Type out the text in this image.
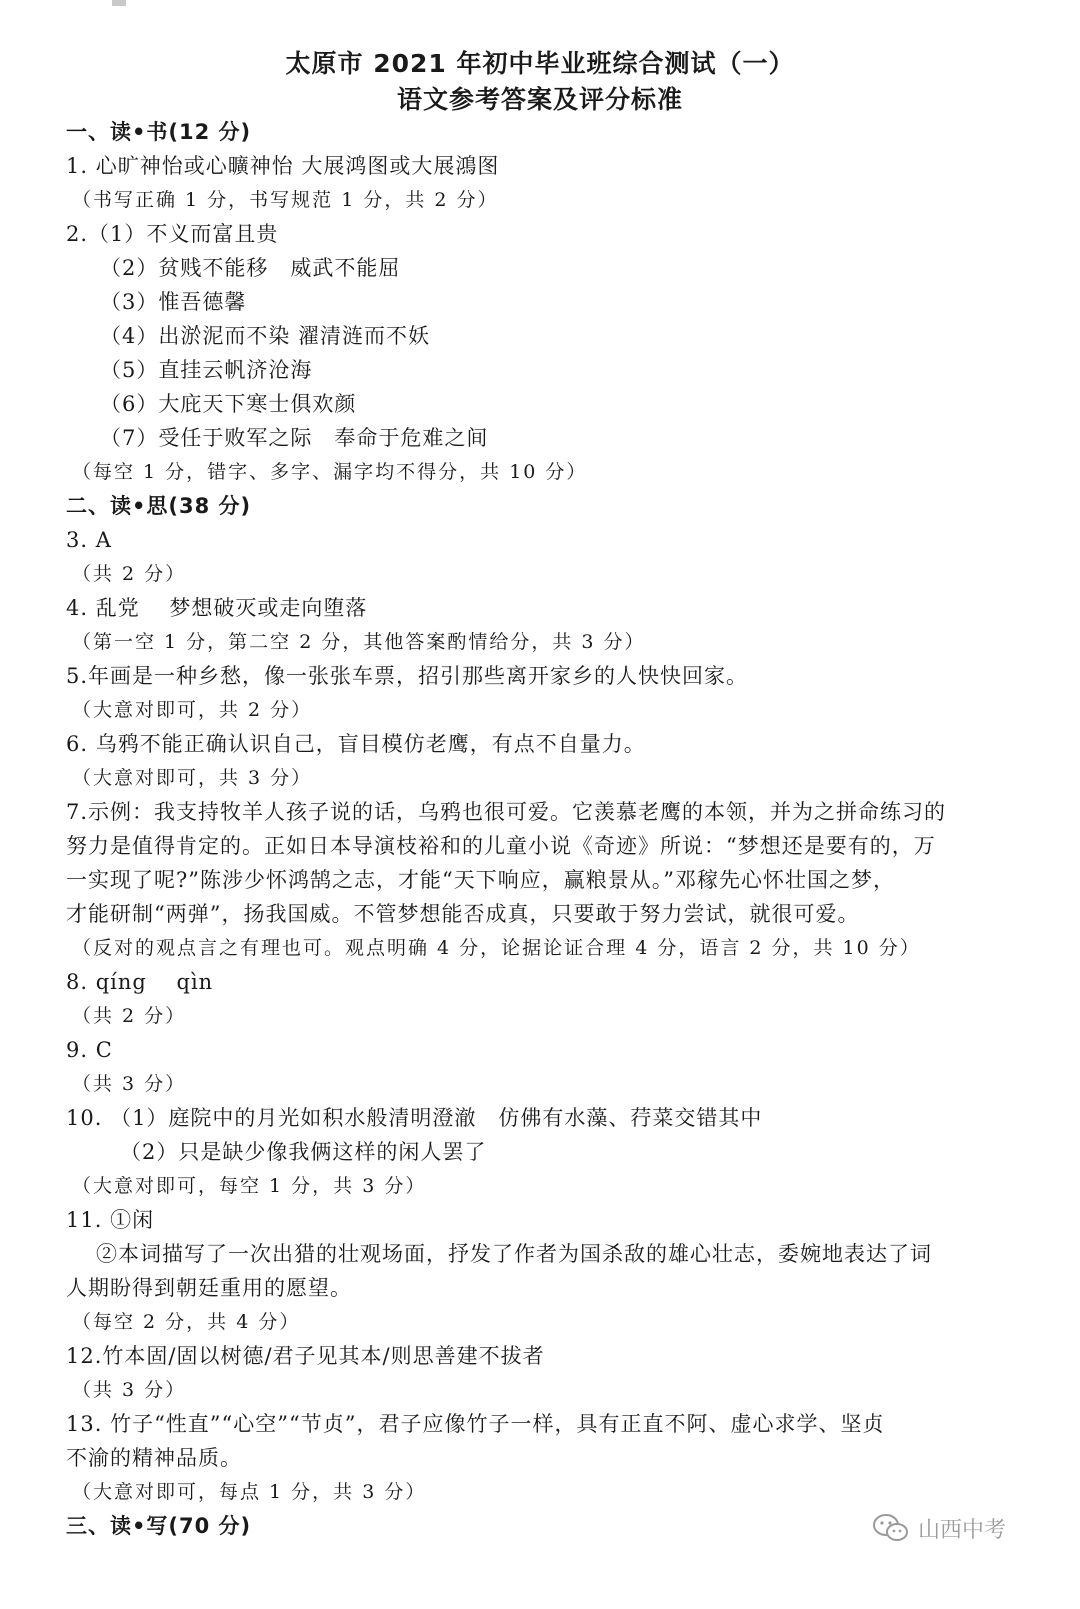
太原市 2021 年初中毕业班综合测试（一）
语文参考答案及评分标准
一、读•书(12 分)
1. 心旷神怡或心曠神怡 大展鸿图或大展鴻图
（书写正确 1 分，书写规范 1 分，共 2 分）
2.（1）不义而富且贵
（2）贫贱不能移　威武不能屈
（3）惟吾德馨
（4）出淤泥而不染 濯清涟而不妖
（5）直挂云帆济沧海
（6）大庇天下寒士俱欢颜
（7）受任于败军之际　奉命于危难之间
（每空 1 分，错字、多字、漏字均不得分，共 10 分）
二、读•思(38 分)
3. A
（共 2 分）
4. 乱党　 梦想破灭或走向堕落
（第一空 1 分，第二空 2 分，其他答案酌情给分，共 3 分）
5.年画是一种乡愁，像一张张车票，招引那些离开家乡的人快快回家。
（大意对即可，共 2 分）
6. 乌鸦不能正确认识自己，盲目模仿老鹰，有点不自量力。
（大意对即可，共 3 分）
7.示例：我支持牧羊人孩子说的话，乌鸦也很可爱。它羡慕老鹰的本领，并为之拼命练习的
努力是值得肯定的。正如日本导演枝裕和的儿童小说《奇迹》所说：“梦想还是要有的，万
一实现了呢?”陈涉少怀鸿鹄之志，才能“天下响应，赢粮景从。”邓稼先心怀壮国之梦，
才能研制“两弹”，扬我国威。不管梦想能否成真，只要敢于努力尝试，就很可爱。
（反对的观点言之有理也可。观点明确 4 分，论据论证合理 4 分，语言 2 分，共 10 分）
8. qíng　 qìn
（共 2 分）
9. C
（共 3 分）
10. （1）庭院中的月光如积水般清明澄澈　仿佛有水藻、荇菜交错其中
（2）只是缺少像我俩这样的闲人罢了
（大意对即可，每空 1 分，共 3 分）
11. ①闲
②本词描写了一次出猎的壮观场面，抒发了作者为国杀敌的雄心壮志，委婉地表达了词
人期盼得到朝廷重用的愿望。
（每空 2 分，共 4 分）
12.竹本固/固以树德/君子见其本/则思善建不拔者
（共 3 分）
13. 竹子“性直”“心空”“节贞”，君子应像竹子一样，具有正直不阿、虚心求学、坚贞
不渝的精神品质。
（大意对即可，每点 1 分，共 3 分）
三、读•写(70 分)	山西中考
